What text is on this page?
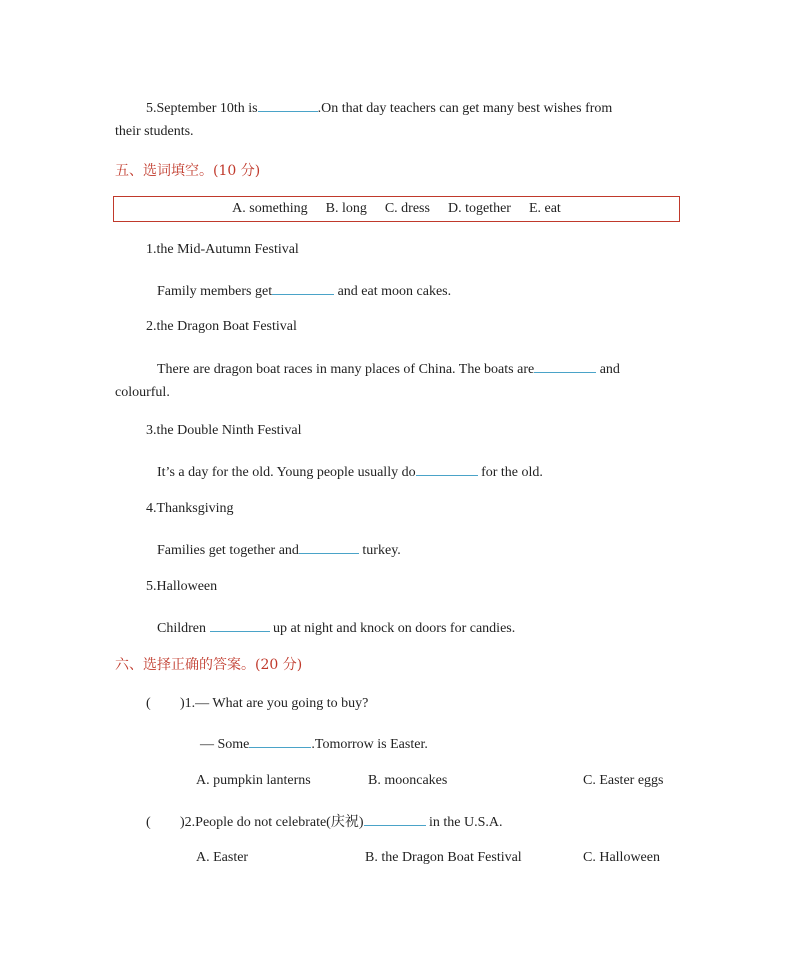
5.September 10th is	.On that day teachers can get many best wishes from
their students.
五、选词填空。(10 分)
A. something B. long C. dress D. together E. eat
1.the Mid-Autumn Festival
Family members get	and eat moon cakes.
2.the Dragon Boat Festival
There are dragon boat races in many places of China. The boats are	and
colourful.
3.the Double Ninth Festival
It’s a day for the old. Young people usually do	for the old.
4.Thanksgiving
Families get together and	turkey.
5.Halloween
Children	up at night and knock on doors for candies.
六、选择正确的答案。(20 分)
( )1.— What are you going to buy?
— Some	.Tomorrow is Easter.
A. pumpkin lanterns	B. mooncakes	C. Easter eggs
( )2.People do not celebrate(庆祝)	in the U.S.A.
A. Easter	B. the Dragon Boat Festival	C. Halloween
